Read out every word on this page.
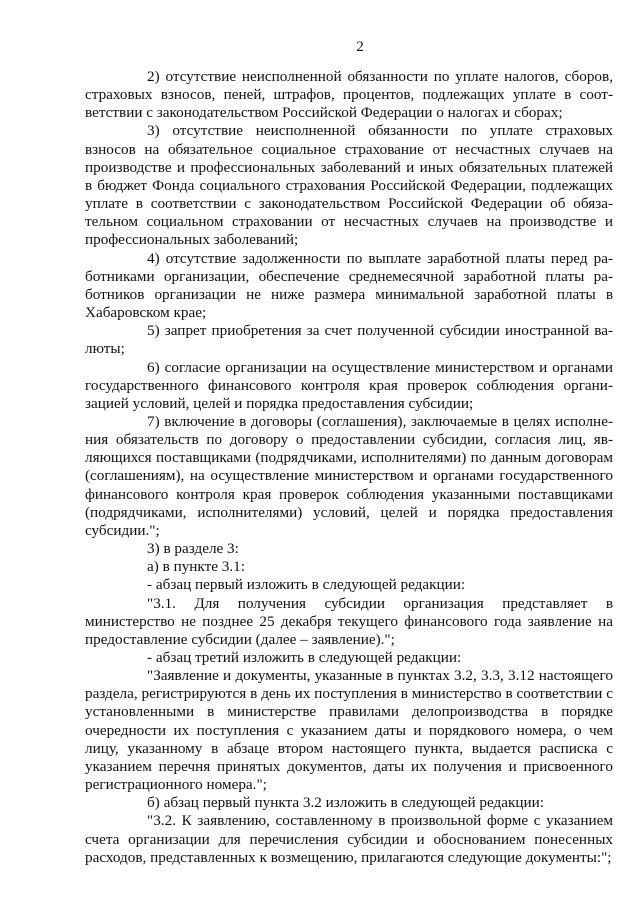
2

2) отсутствие неисполненной обязанности по уплате налогов, сборов, страховых взносов, пеней, штрафов, процентов, подлежащих уплате в соответствии с законодательством Российской Федерации о налогах и сборах;

3) отсутствие неисполненной обязанности по уплате страховых взносов на обязательное социальное страхование от несчастных случаев на производстве и профессиональных заболеваний и иных обязательных платежей в бюджет Фонда социального страхования Российской Федерации, подлежащих уплате в соответствии с законодательством Российской Федерации об обязательном социальном страховании от несчастных случаев на производстве и профессиональных заболеваний;

4) отсутствие задолженности по выплате заработной платы перед работниками организации, обеспечение среднемесячной заработной платы работников организации не ниже размера минимальной заработной платы в Хабаровском крае;

5) запрет приобретения за счет полученной субсидии иностранной валюты;

6) согласие организации на осуществление министерством и органами государственного финансового контроля края проверок соблюдения организацией условий, целей и порядка предоставления субсидии;

7) включение в договоры (соглашения), заключаемые в целях исполнения обязательств по договору о предоставлении субсидии, согласия лиц, являющихся поставщиками (подрядчиками, исполнителями) по данным договорам (соглашениям), на осуществление министерством и органами государственного финансового контроля края проверок соблюдения указанными поставщиками (подрядчиками, исполнителями) условий, целей и порядка предоставления субсидии.";

3) в разделе 3:

а) в пункте 3.1:

- абзац первый изложить в следующей редакции:

"3.1. Для получения субсидии организация представляет в министерство не позднее 25 декабря текущего финансового года заявление на предоставление субсидии (далее – заявление).";

- абзац третий изложить в следующей редакции:

"Заявление и документы, указанные в пунктах 3.2, 3.3, 3.12 настоящего раздела, регистрируются в день их поступления в министерство в соответствии с установленными в министерстве правилами делопроизводства в порядке очередности их поступления с указанием даты и порядкового номера, о чем лицу, указанному в абзаце втором настоящего пункта, выдается расписка с указанием перечня принятых документов, даты их получения и присвоенного регистрационного номера.";

б) абзац первый пункта 3.2 изложить в следующей редакции:

"3.2. К заявлению, составленному в произвольной форме с указанием счета организации для перечисления субсидии и обоснованием понесенных расходов, представленных к возмещению, прилагаются следующие документы:";
